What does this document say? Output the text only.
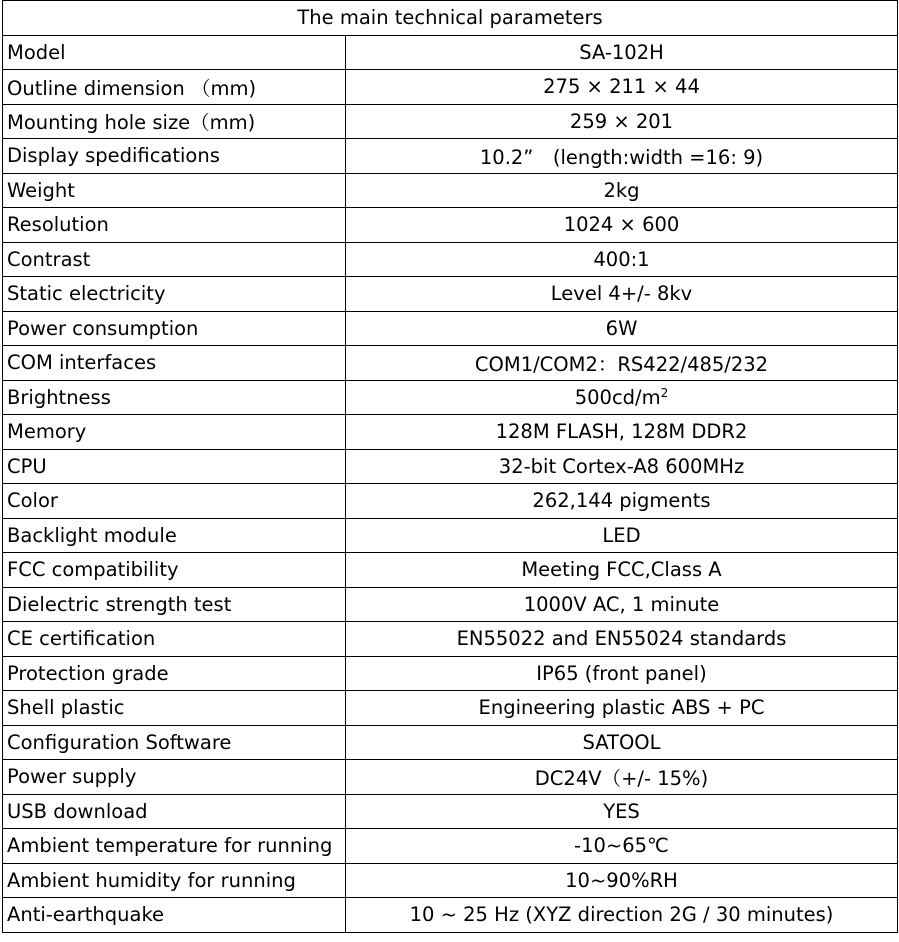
The main technical parameters	
Model	SA-102H
Outline dimension （mm)	275 × 211 × 44
Mounting hole size（mm)	259 × 201
Display spedifications	10.2”　(length:width =16: 9)
Weight	2kg
Resolution	1024 × 600
Contrast	400:1
Static electricity	Level 4+/- 8kv
Power consumption	6W
COM interfaces	COM1/COM2：RS422/485/232
Brightness	$500cd/m^2$
Memory	128M FLASH, 128M DDR2
CPU	32-bit Cortex-A8 600MHz
Color	262,144 pigments
Backlight module	LED
FCC compatibility	Meeting FCC,Class A
Dielectric strength test	1000V AC, 1 minute
CE certification	EN55022 and EN55024 standards
Protection grade	IP65 (front panel)
Shell plastic	Engineering plastic ABS + PC
Configuration Software	SATOOL
Power supply	DC24V（+/- 15%)
USB download	YES
Ambient temperature for running	-10~65℃
Ambient humidity for running	10~90%RH
Anti-earthquake	10 ~ 25 Hz (XYZ direction 2G / 30 minutes)
